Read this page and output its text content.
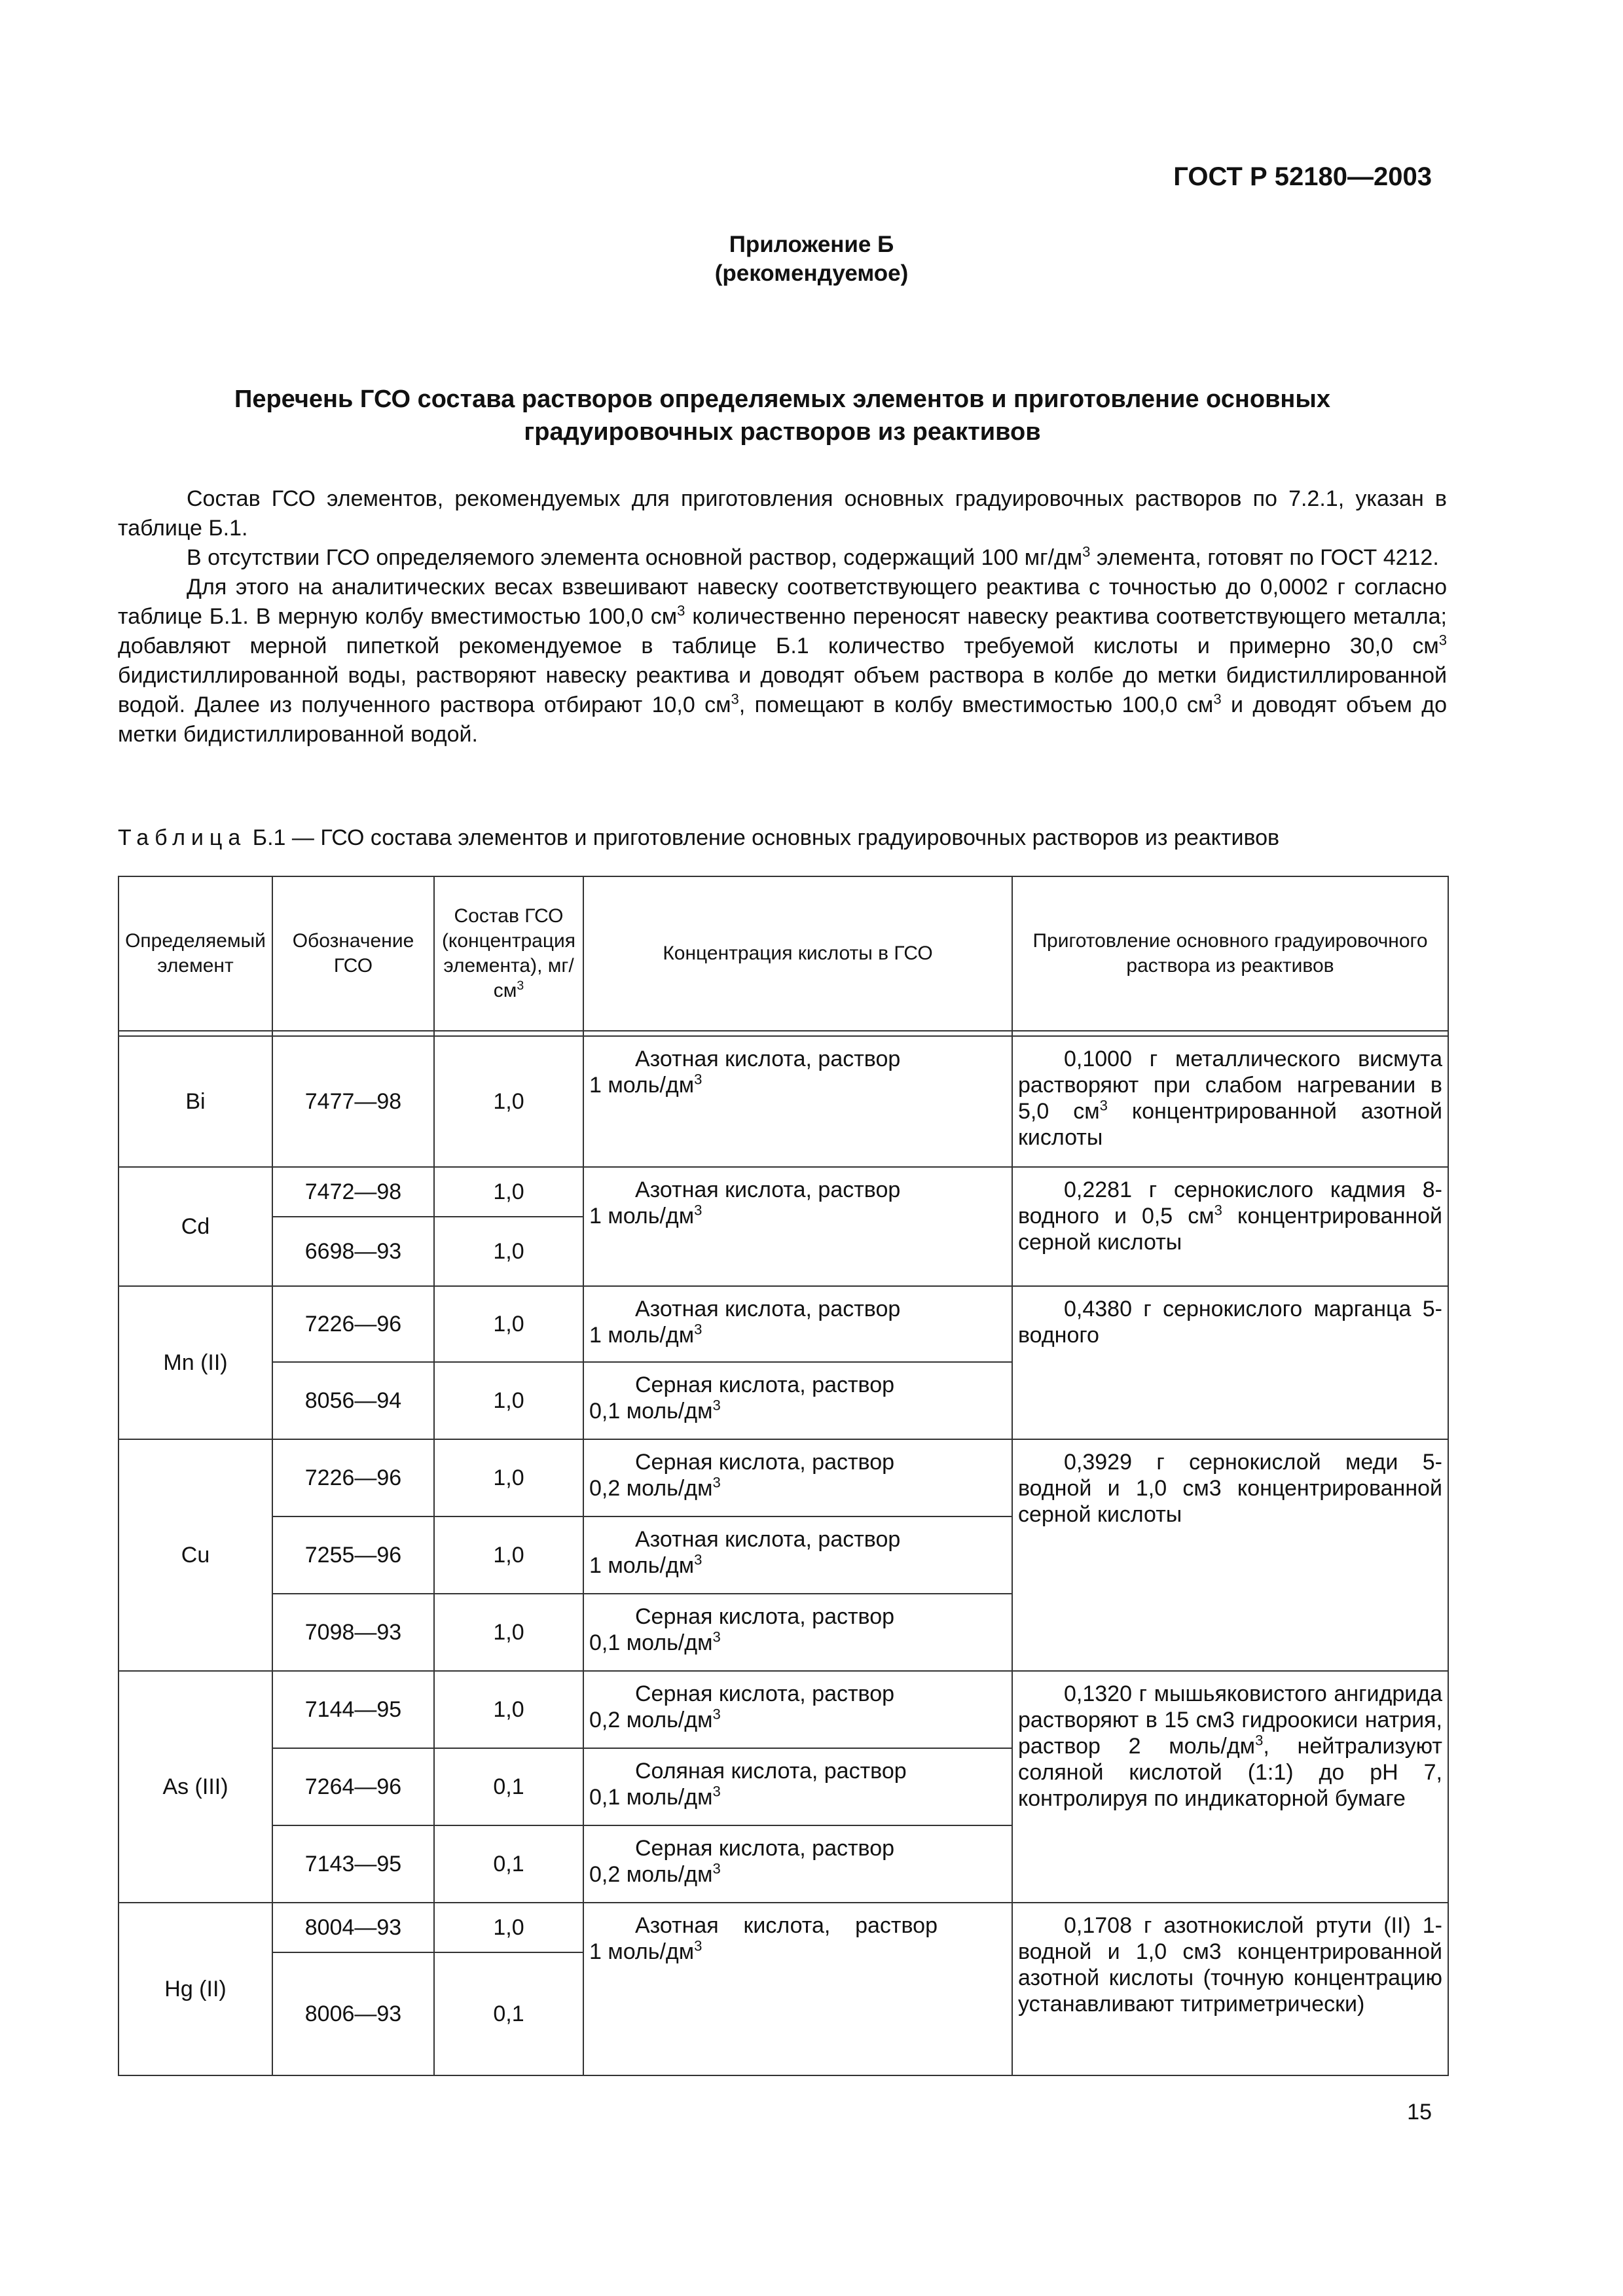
ГОСТ Р 52180—2003
Приложение Б
(рекомендуемое)
Перечень ГСО состава растворов определяемых элементов и приготовление основных
градуировочных растворов из реактивов

Состав ГСО элементов, рекомендуемых для приготовления основных градуировочных растворов по 7.2.1, указан в таблице Б.1.

В отсутствии ГСО определяемого элемента основной раствор, содержащий 100 $мг/дм^3$ элемента, готовят по ГОСТ 4212.

Для этого на аналитических весах взвешивают навеску соответствующего реактива с точностью до 0,0002 г согласно таблице Б.1. В мерную колбу вместимостью 100,0 $см^3$ количественно переносят навеску реактива соответствующего металла; добавляют мерной пипеткой рекомендуемое в таблице Б.1 количество требуемой кислоты и примерно 30,0 $см^3$ бидистиллированной воды, растворяют навеску реактива и доводят объем раствора в колбе до метки бидистиллированной водой. Далее из полученного раствора отбирают 10,0 $см^3$, помещают в колбу вместимостью 100,0 $см^3$ и доводят объем до метки бидистиллированной водой.

Таблица Б.1 — ГСО состава элементов и приготовление основных градуировочных растворов из реактивов
Определяемый элемент	Обозначение ГСО	Состав ГСО (концентрация элемента), $мг/см^3$	Концентрация кислоты в ГСО	Приготовление основного градуировочного раствора из реактивов

Bi	7477—98	1,0	Азотная кислота, раствор
1 моль/$дм^3$	0,1000 г металлического висмута растворяют при слабом нагревании в 5,0 $см^3$ концентрированной азотной кислоты

Cd	7472—98	1,0	Азотная кислота, раствор
1 моль/$дм^3$	0,2281 г сернокислого кадмия 8-водного и 0,5 $см^3$ концентрированной серной кислоты

	6698—93	1,0		
Mn (II)	7226—96	1,0	Азотная кислота, раствор
1 моль/$дм^3$	0,4380 г сернокислого марганца 5-водного

	8056—94	1,0	Серная кислота, раствор
0,1 моль/$дм^3$
Cu	7226—96	1,0	Серная кислота, раствор
0,2 моль/$дм^3$	0,3929 г сернокислой меди 5-водной и 1,0 см3 концентрированной серной кислоты

	7255—96	1,0	Азотная кислота, раствор
1 моль/$дм^3$
	7098—93	1,0	Серная кислота, раствор
0,1 моль/$дм^3$
As (III)	7144—95	1,0	Серная кислота, раствор
0,2 моль/$дм^3$	0,1320 г мышьяковистого ангидрида растворяют в 15 см3 гидроокиси натрия, раствор 2 моль/$дм^3$, нейтрализуют соляной кислотой (1:1) до pH 7, контролируя по индикаторной бумаге

	7264—96	0,1	Соляная кислота, раствор
0,1 моль/$дм^3$
	7143—95	0,1	Серная кислота, раствор
0,2 моль/$дм^3$
Hg (II)	8004—93	1,0	Азотная    кислота,    раствор
1 моль/$дм^3$	0,1708 г азотнокислой ртути (II) 1-водной и 1,0 см3 концентрированной азотной кислоты (точную концентрацию устанавливают титриметрически)

	8006—93	0,1		
15
